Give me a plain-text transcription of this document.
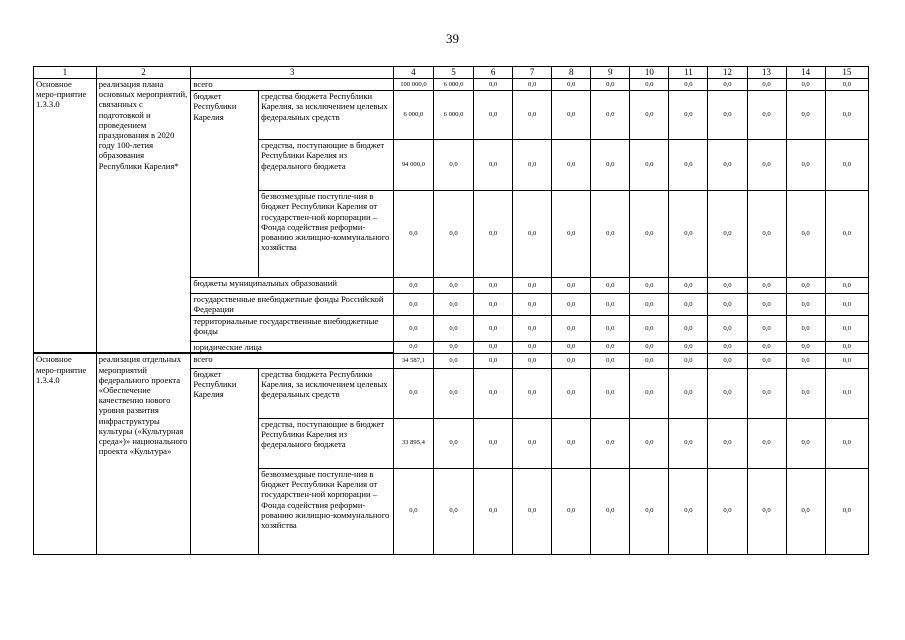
39
1	2	3		4	5	6	7	8	9	10	11	12	13	14	15
Основное меро-приятие 1.3.3.0	реализация плана основных мероприятий, связанных с подготовкой и проведением празднования в 2020 году 100-летия образования Республики Карелия*	всего		100 000,0	6 000,0	0,0	0,0	0,0	0,0	0,0	0,0	0,0	0,0	0,0	0,0
		бюджет Республики Карелия	средства бюджета Республики Карелия, за исключением целевых федеральных средств	6 000,0	6 000,0	0,0	0,0	0,0	0,0	0,0	0,0	0,0	0,0	0,0	0,0
			средства, поступающие в бюджет Республики Карелия из федерального бюджета	94 000,0	0,0	0,0	0,0	0,0	0,0	0,0	0,0	0,0	0,0	0,0	0,0
			безвозмездные поступле-ния в бюджет Республики Карелия от государствен-ной корпорации – Фонда содействия реформи-рованию жилищно-коммунального хозяйства	0,0	0,0	0,0	0,0	0,0	0,0	0,0	0,0	0,0	0,0	0,0	0,0
		бюджеты муниципальных образований		0,0	0,0	0,0	0,0	0,0	0,0	0,0	0,0	0,0	0,0	0,0	0,0
		государственные внебюджетные фонды Российской Федерации		0,0	0,0	0,0	0,0	0,0	0,0	0,0	0,0	0,0	0,0	0,0	0,0
		территориальные государственные внебюджетные фонды		0,0	0,0	0,0	0,0	0,0	0,0	0,0	0,0	0,0	0,0	0,0	0,0
		юридические лица		0,0	0,0	0,0	0,0	0,0	0,0	0,0	0,0	0,0	0,0	0,0	0,0
Основное меро-приятие 1.3.4.0	реализация отдельных мероприятий федерального проекта «Обеспечение качественно нового уровня развития инфраструктуры культуры («Культурная среда»)» национального проекта «Культура»	всего		34 587,1	0,0	0,0	0,0	0,0	0,0	0,0	0,0	0,0	0,0	0,0	0,0
		бюджет Республики Карелия	средства бюджета Республики Карелия, за исключением целевых федеральных средств	0,0	0,0	0,0	0,0	0,0	0,0	0,0	0,0	0,0	0,0	0,0	0,0
			средства, поступающие в бюджет Республики Карелия из федерального бюджета	33 895,4	0,0	0,0	0,0	0,0	0,0	0,0	0,0	0,0	0,0	0,0	0,0
			безвозмездные поступле-ния в бюджет Республики Карелия от государствен-ной корпорации – Фонда содействия реформи-рованию жилищно-коммунального хозяйства	0,0	0,0	0,0	0,0	0,0	0,0	0,0	0,0	0,0	0,0	0,0	0,0
